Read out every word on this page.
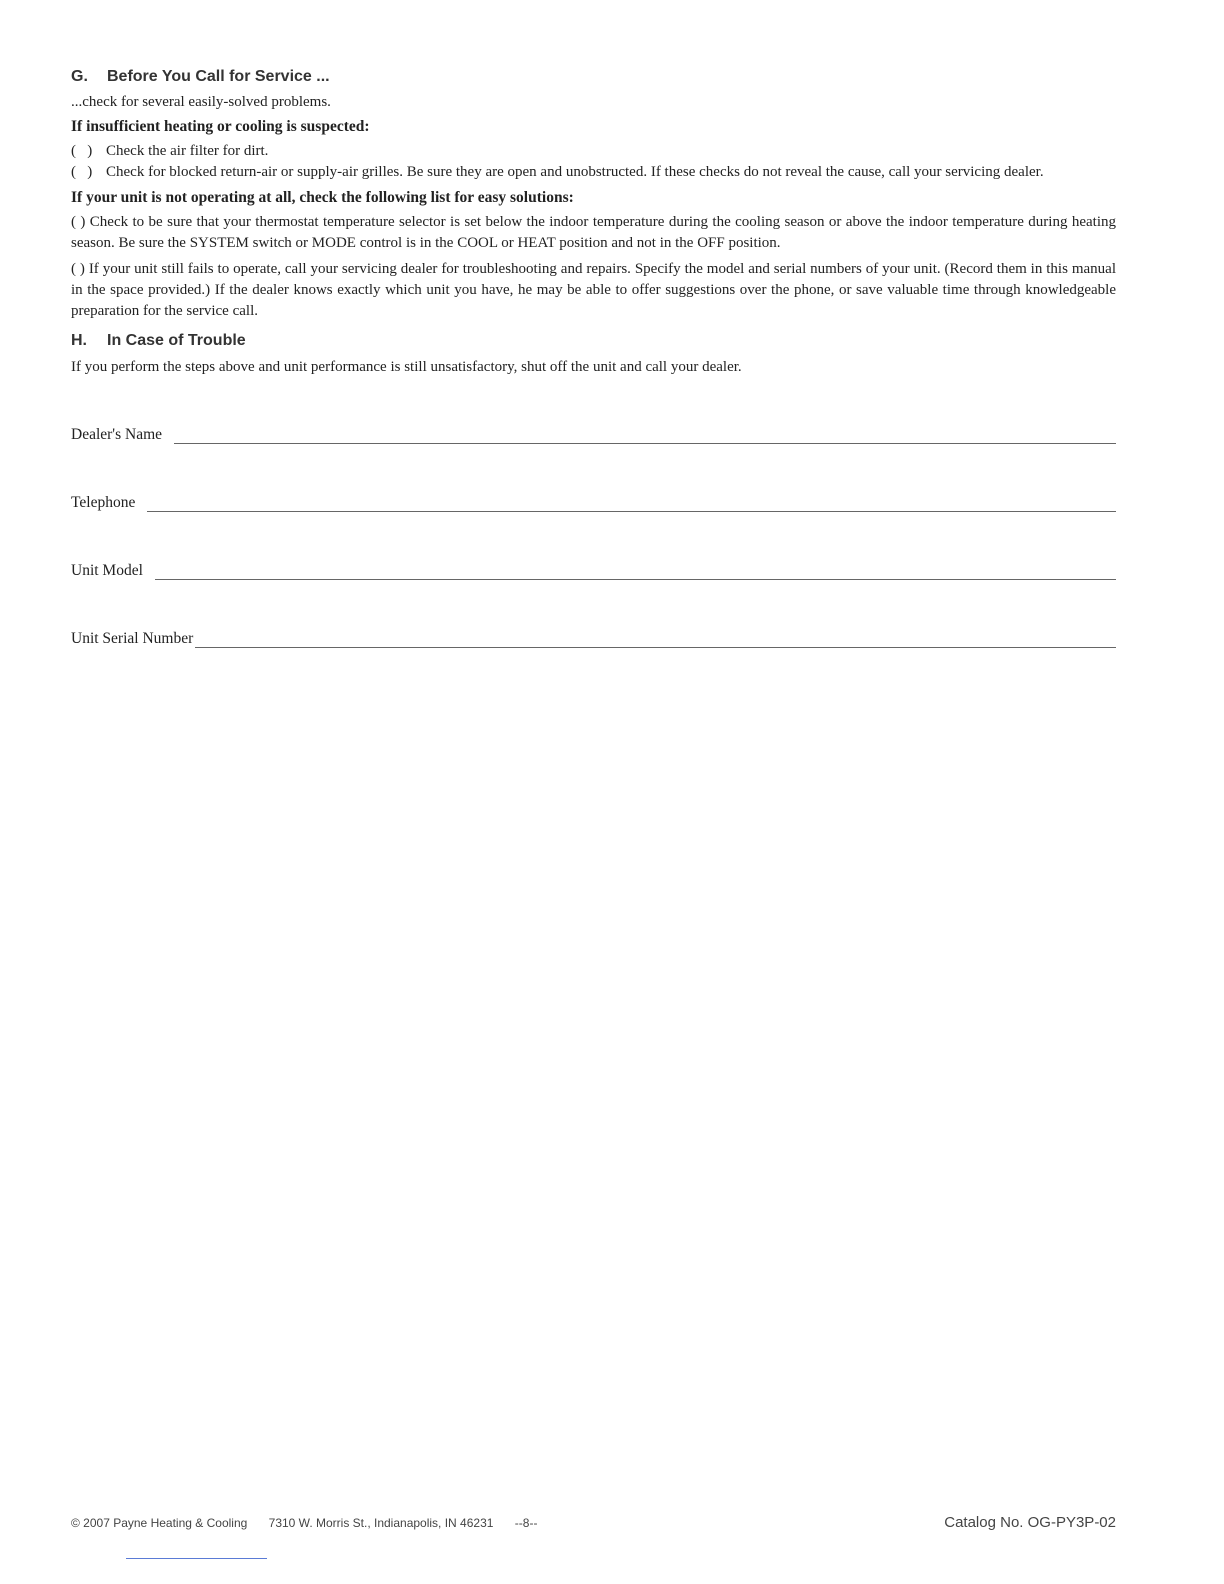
G. Before You Call for Service ...

...check for several easily-solved problems.

If insufficient heating or cooling is suspected:

(   ) Check the air filter for dirt.
(   ) Check for blocked return-air or supply-air grilles. Be sure they are open and unobstructed. If these checks do not reveal the cause, call your servicing dealer.

If your unit is not operating at all, check the following list for easy solutions:

( ) Check to be sure that your thermostat temperature selector is set below the indoor temperature during the cooling season or above the indoor temperature during heating season. Be sure the SYSTEM switch or MODE control is in the COOL or HEAT position and not in the OFF position.

( ) If your unit still fails to operate, call your servicing dealer for troubleshooting and repairs. Specify the model and serial numbers of your unit. (Record them in this manual in the space provided.) If the dealer knows exactly which unit you have, he may be able to offer suggestions over the phone, or save valuable time through knowledgeable preparation for the service call.

H. In Case of Trouble

If you perform the steps above and unit performance is still unsatisfactory, shut off the unit and call your dealer.

Dealer's Name
Telephone
Unit Model
Unit Serial Number
© 2007 Payne Heating & Cooling 7310 W. Morris St., Indianapolis, IN 46231 --8--	Catalog No. OG-PY3P-02
